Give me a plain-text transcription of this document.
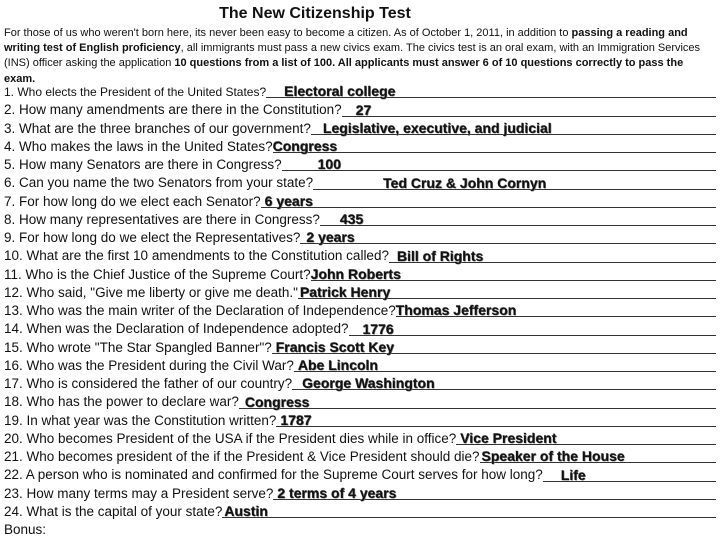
The New Citizenship Test

For those of us who weren't born here, its never been easy to become a citizen. As of October 1, 2011, in addition to passing a reading and writing test of English proficiency, all immigrants must pass a new civics exam. The civics test is an oral exam, with an Immigration Services (INS) officer asking the application 10 questions from a list of 100. All applicants must answer 6 of 10 questions correctly to pass the exam.

1. Who elects the President of the United States? Electoral college
2. How many amendments are there in the Constitution? 27
3. What are the three branches of our government? Legislative, executive, and judicial
4. Who makes the laws in the United States? Congress
5. How many Senators are there in Congress?	100
6. Can you name the two Senators from your state?	Ted Cruz & John Cornyn
7. For how long do we elect each Senator? 6 years
8. How many representatives are there in Congress? 435
9. For how long do we elect the Representatives? 2 years
10. What are the first 10 amendments to the Constitution called? Bill of Rights
11. Who is the Chief Justice of the Supreme Court? John Roberts
12. Who said, "Give me liberty or give me death." Patrick Henry
13. Who was the main writer of the Declaration of Independence? Thomas Jefferson
14. When was the Declaration of Independence adopted? 1776
15. Who wrote "The Star Spangled Banner"? Francis Scott Key
16. Who was the President during the Civil War? Abe Lincoln
17. Who is considered the father of our country? George Washington
18. Who has the power to declare war? Congress
19. In what year was the Constitution written? 1787
20. Who becomes President of the USA if the President dies while in office? Vice President
21. Who becomes president of the if the President & Vice President should die? Speaker of the House
22. A person who is nominated and confirmed for the Supreme Court serves for how long? Life
23. How many terms may a President serve? 2 terms of 4 years
24. What is the capital of your state? Austin
Bonus:
